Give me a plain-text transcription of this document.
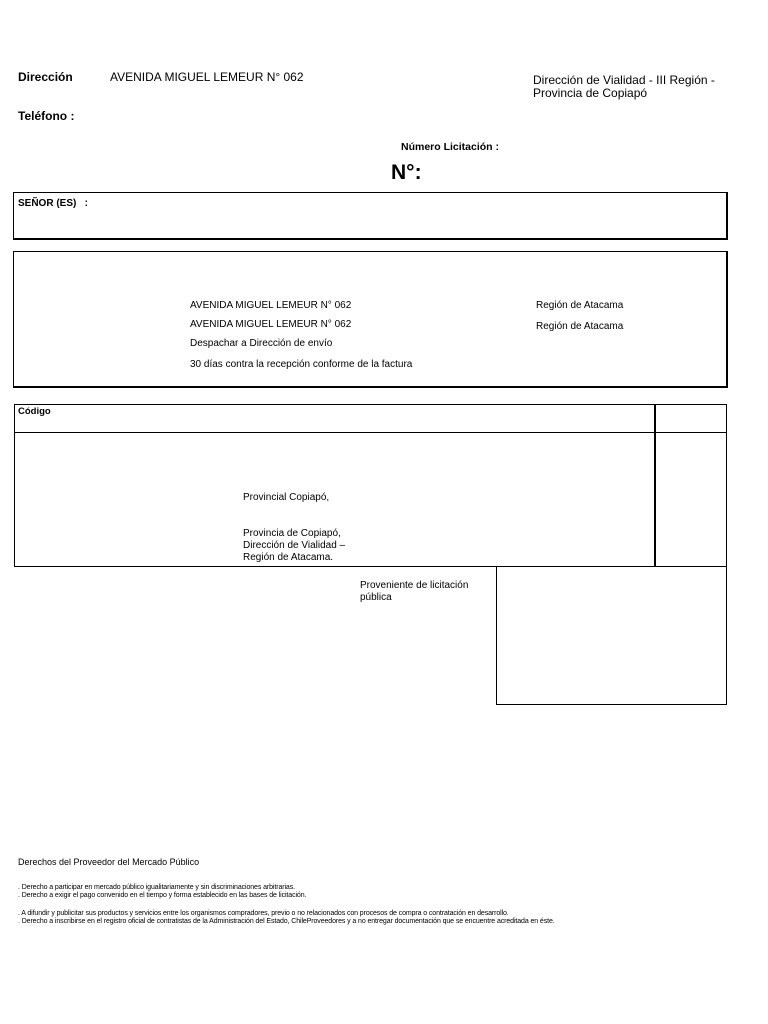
Dirección	AVENIDA MIGUEL LEMEUR N° 062	Dirección de Vialidad - III Región -
Provincia de Copiapó
Teléfono :
Número Licitación :
N°:
SEÑOR (ES)   :
AVENIDA MIGUEL LEMEUR N° 062	Región de Atacama
AVENIDA MIGUEL LEMEUR N° 062	Región de Atacama
Despachar a Dirección de envío
30 días contra la recepción conforme de la factura
Código
Provincial Copiapó,
Provincia de Copiapó,
Dirección de Vialidad –
Región de Atacama.
Proveniente de licitación
pública
Derechos del Proveedor del Mercado Público
. Derecho a participar en mercado público igualitariamente y sin discriminaciones arbitrarias.
. Derecho a exigir el pago convenido en el tiempo y forma establecido en las bases de licitación.
. A difundir y publicitar sus productos y servicios entre los organismos compradores, previo o no relacionados con procesos de compra o contratación en desarrollo.
. Derecho a inscribirse en el registro oficial de contratistas de la Administración del Estado, ChileProveedores y a no entregar documentación que se encuentre acreditada en éste.
